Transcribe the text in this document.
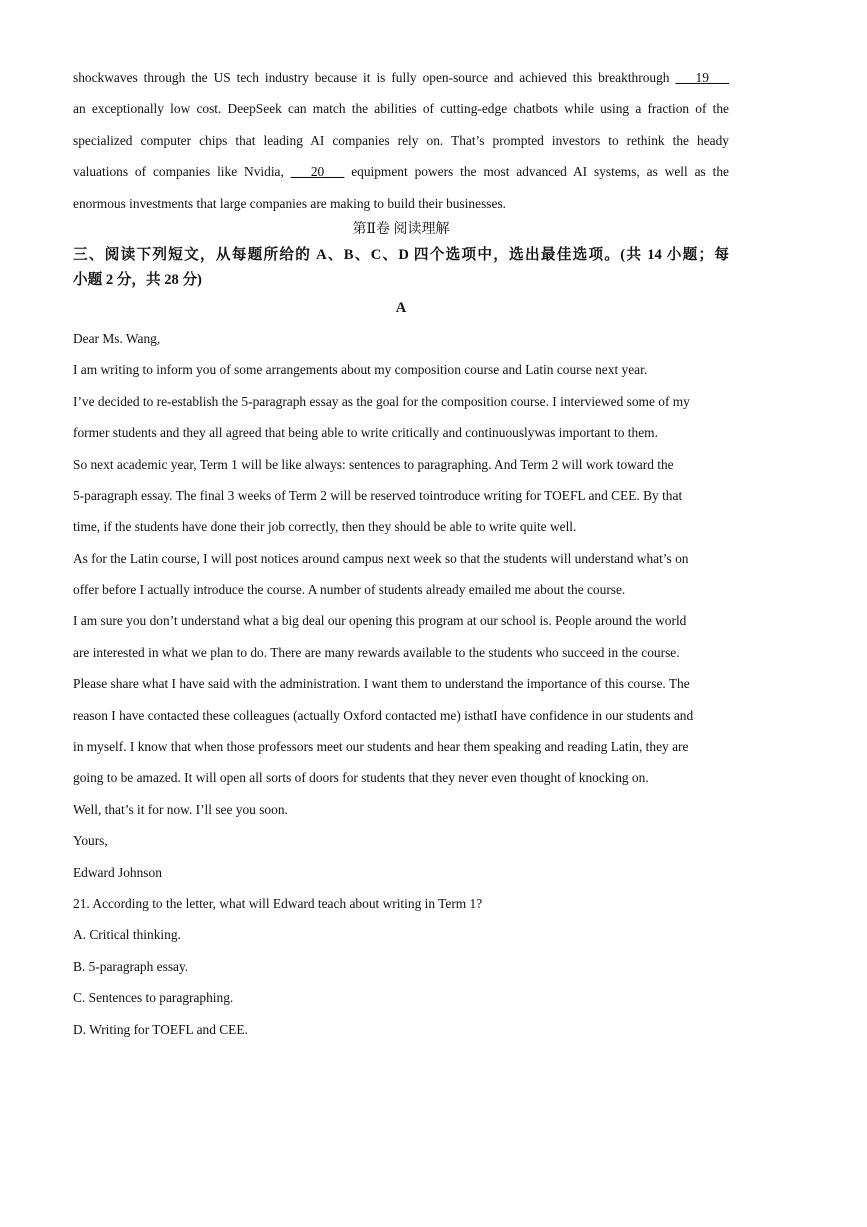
shockwaves through the US tech industry because it is fully open-source and achieved this breakthrough ___19___
an exceptionally low cost. DeepSeek can match the abilities of cutting-edge chatbots while using a fraction of the
specialized computer chips that leading AI companies rely on. That’s prompted investors to rethink the heady
valuations of companies like Nvidia, ___20___ equipment powers the most advanced AI systems, as well as the
enormous investments that large companies are making to build their businesses.
第Ⅱ卷 阅读理解
三、阅读下列短文，从每题所给的 A、B、C、D 四个选项中，选出最佳选项。(共 14 小题；每
小题 2 分，共 28 分)
A
Dear Ms. Wang,
I am writing to inform you of some arrangements about my composition course and Latin course next year.
I’ve decided to re-establish the 5-paragraph essay as the goal for the composition course. I interviewed some of my
former students and they all agreed that being able to write critically and continuouslywas important to them.
So next academic year, Term 1 will be like always: sentences to paragraphing. And Term 2 will work toward the
5-paragraph essay. The final 3 weeks of Term 2 will be reserved tointroduce writing for TOEFL and CEE. By that
time, if the students have done their job correctly, then they should be able to write quite well.
As for the Latin course, I will post notices around campus next week so that the students will understand what’s on
offer before I actually introduce the course. A number of students already emailed me about the course.
I am sure you don’t understand what a big deal our opening this program at our school is. People around the world
are interested in what we plan to do. There are many rewards available to the students who succeed in the course.
Please share what I have said with the administration. I want them to understand the importance of this course. The
reason I have contacted these colleagues (actually Oxford contacted me) isthatI have confidence in our students and
in myself. I know that when those professors meet our students and hear them speaking and reading Latin, they are
going to be amazed. It will open all sorts of doors for students that they never even thought of knocking on.
Well, that’s it for now. I’ll see you soon.
Yours,
Edward Johnson
21. According to the letter, what will Edward teach about writing in Term 1?
A. Critical thinking.
B. 5-paragraph essay.
C. Sentences to paragraphing.
D. Writing for TOEFL and CEE.
